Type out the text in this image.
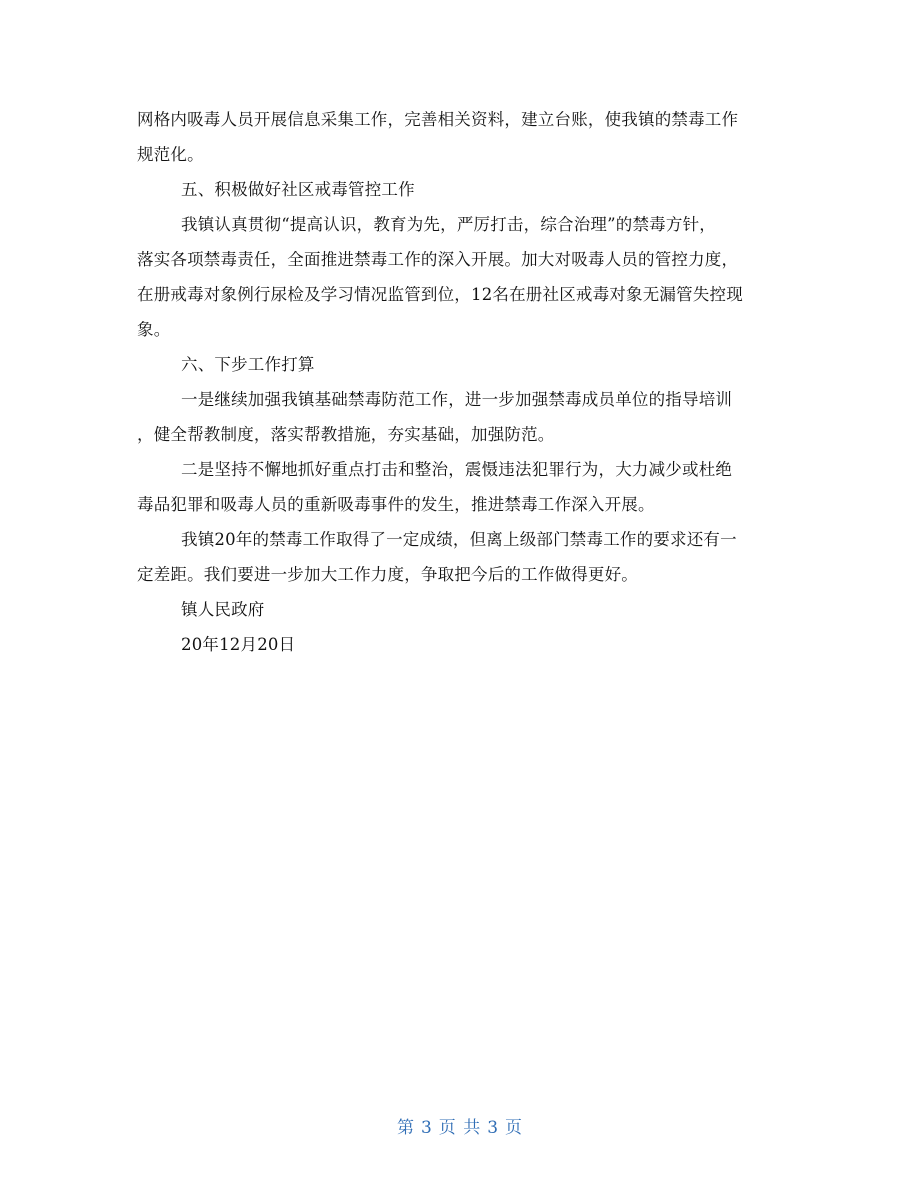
网格内吸毒人员开展信息采集工作，完善相关资料，建立台账，使我镇的禁毒工作
规范化。
五、积极做好社区戒毒管控工作
我镇认真贯彻“提高认识，教育为先，严厉打击，综合治理”的禁毒方针，
落实各项禁毒责任，全面推进禁毒工作的深入开展。加大对吸毒人员的管控力度，
在册戒毒对象例行尿检及学习情况监管到位，12名在册社区戒毒对象无漏管失控现
象。
六、下步工作打算
一是继续加强我镇基础禁毒防范工作，进一步加强禁毒成员单位的指导培训
，健全帮教制度，落实帮教措施，夯实基础，加强防范。
二是坚持不懈地抓好重点打击和整治，震慑违法犯罪行为，大力减少或杜绝
毒品犯罪和吸毒人员的重新吸毒事件的发生，推进禁毒工作深入开展。
我镇20年的禁毒工作取得了一定成绩，但离上级部门禁毒工作的要求还有一
定差距。我们要进一步加大工作力度，争取把今后的工作做得更好。
镇人民政府
20年12月20日
第 3 页 共 3 页
